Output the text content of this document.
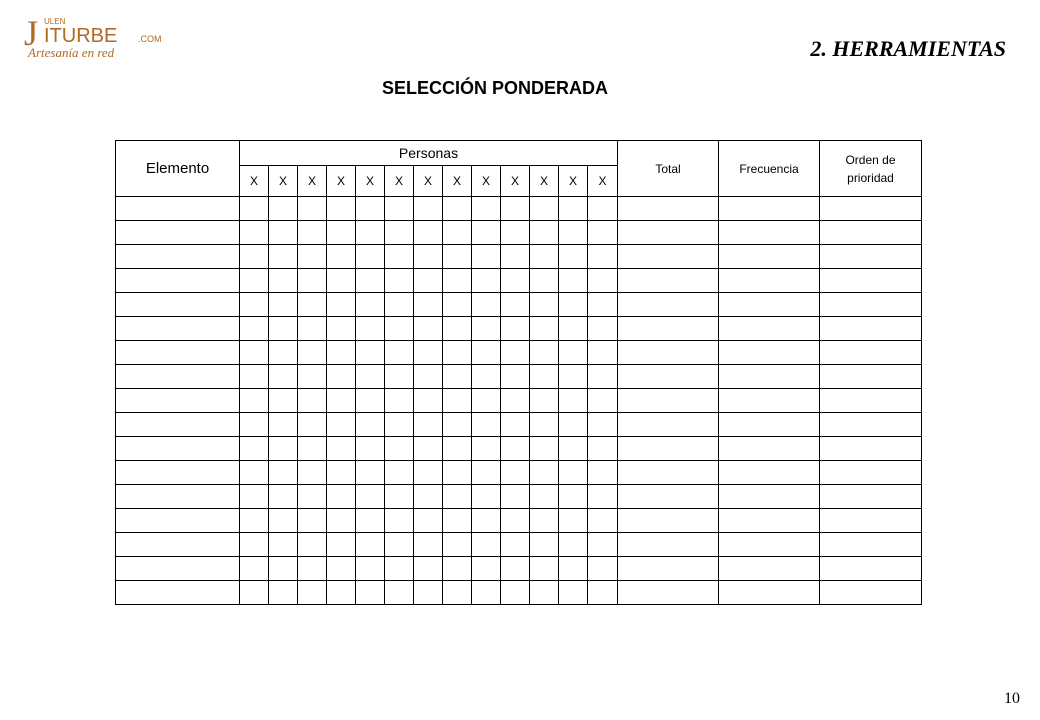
J ULEN
ITURBE .COM
Artesanía en red	2. HERRAMIENTAS
SELECCIÓN PONDERADA
Elemento	Personas													Total	Frecuencia	Orden de prioridad
	X	X	X	X	X	X	X	X	X	X	X	X	X			

10
